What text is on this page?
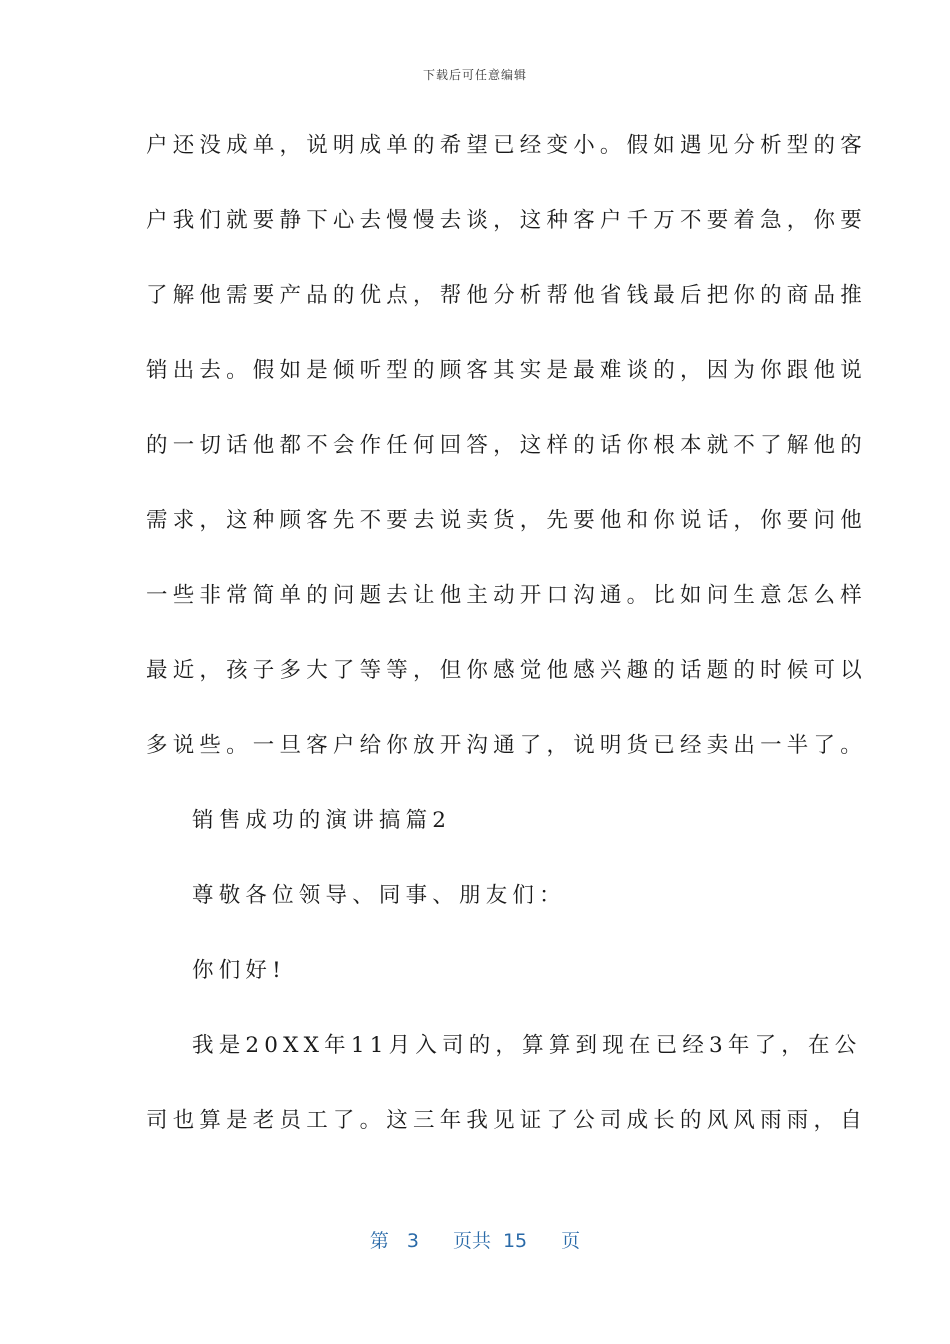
下载后可任意编辑
户还没成单，说明成单的希望已经变小。假如遇见分析型的客
户我们就要静下心去慢慢去谈，这种客户千万不要着急，你要
了解他需要产品的优点，帮他分析帮他省钱最后把你的商品推
销出去。假如是倾听型的顾客其实是最难谈的，因为你跟他说
的一切话他都不会作任何回答，这样的话你根本就不了解他的
需求，这种顾客先不要去说卖货，先要他和你说话，你要问他
一些非常简单的问题去让他主动开口沟通。比如问生意怎么样
最近，孩子多大了等等，但你感觉他感兴趣的话题的时候可以
多说些。一旦客户给你放开沟通了，说明货已经卖出一半了。
销售成功的演讲搞篇2
尊敬各位领导、同事、朋友们：
你们好!
我是20XX年11月入司的，算算到现在已经3年了，在公
司也算是老员工了。这三年我见证了公司成长的风风雨雨，自
第 3 页共 15 页
